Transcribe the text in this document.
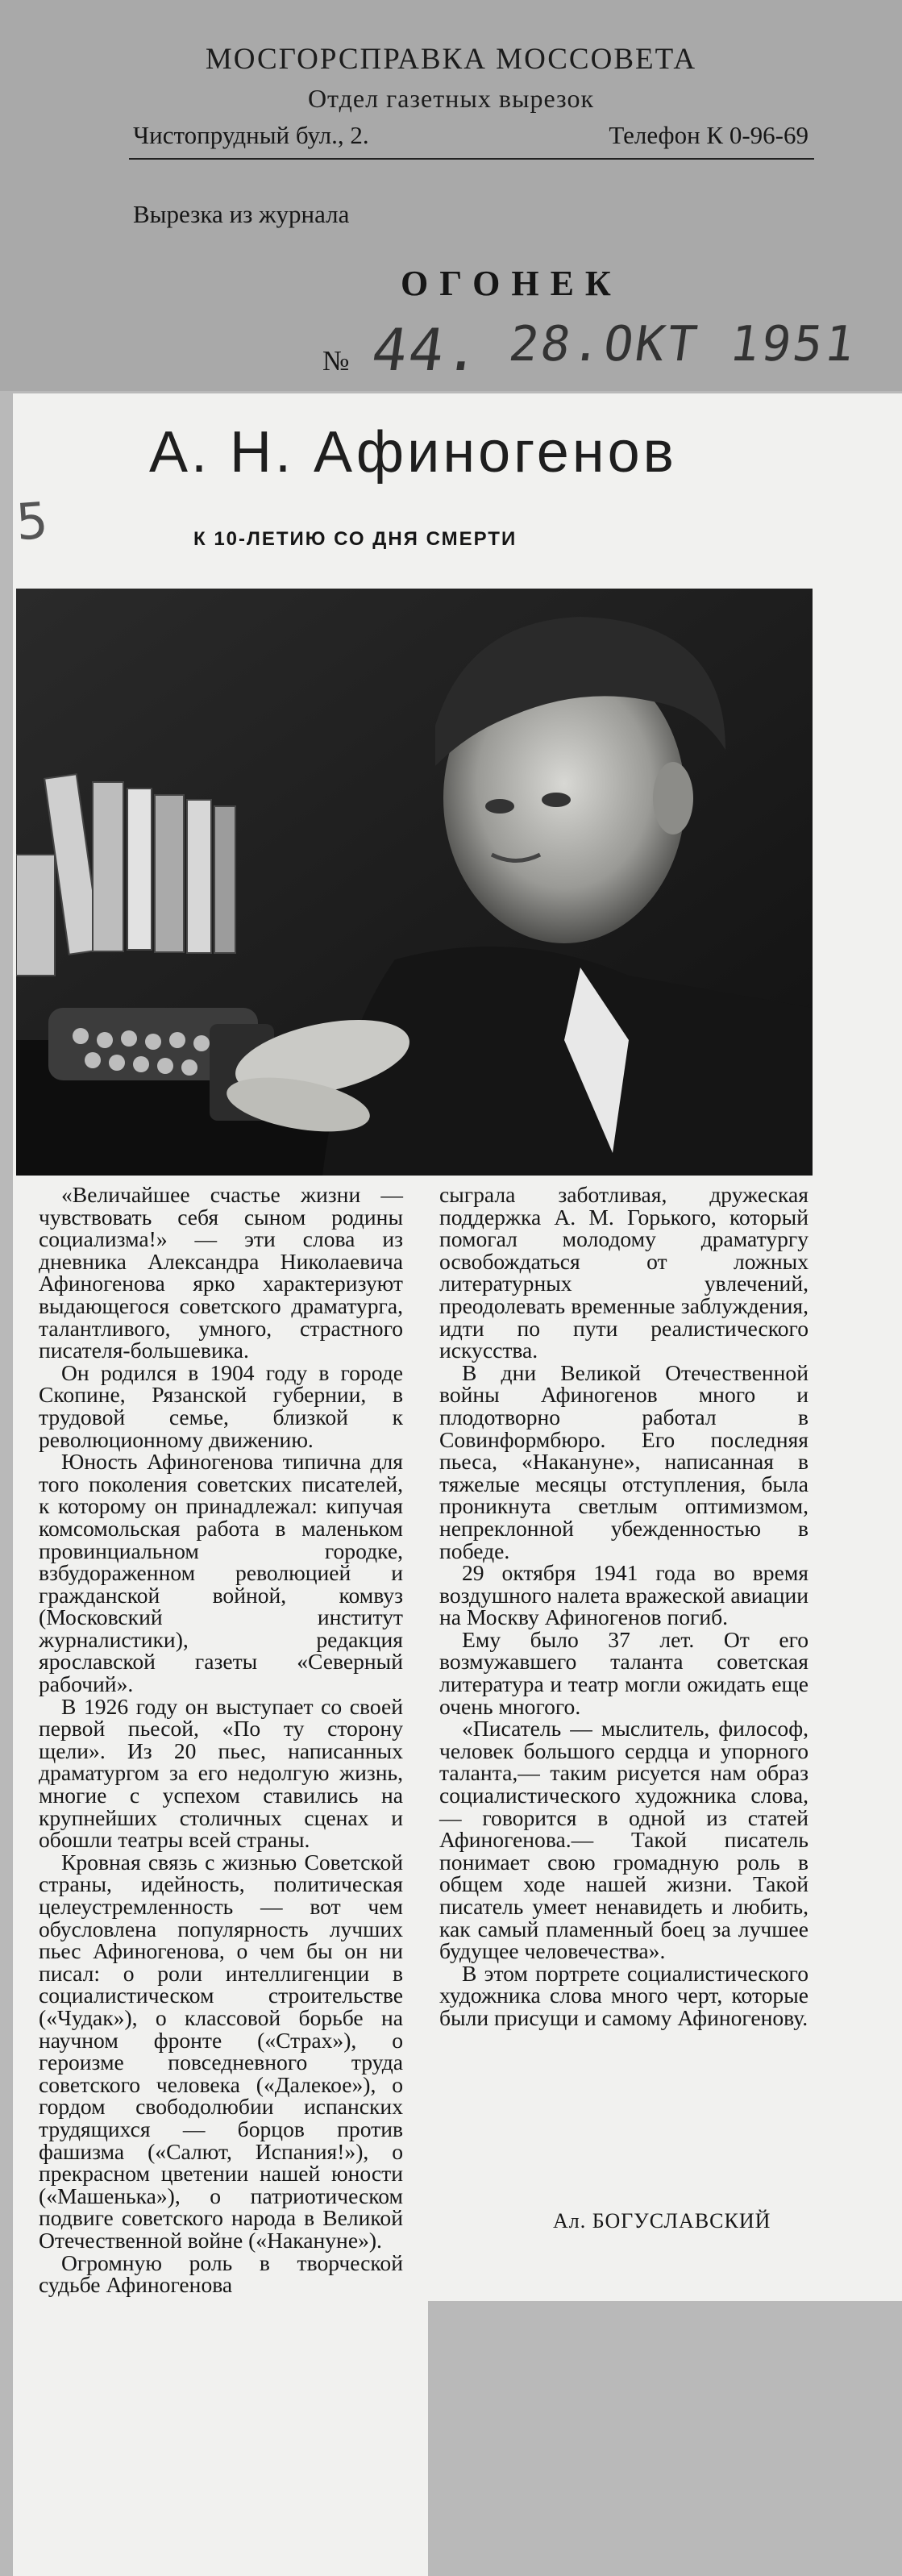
МОСГОРСПРАВКА МОССОВЕТА
Отдел газетных вырезок
Чистопрудный бул., 2.	Телефон К 0-96-69
Вырезка из журнала
ОГОНЕК
№ 44. 28.ОКТ 1951
5
А. Н. Афиногенов
К 10-ЛЕТИЮ СО ДНЯ СМЕРТИ

«Величайшее счастье жизни — чувствовать себя сыном родины социализма!» — эти слова из дневника Александра Николаевича Афиногенова ярко характеризуют выдающегося советского драматурга, талантливого, умного, страстного писателя-большевика.

Он родился в 1904 году в городе Скопине, Рязанской губернии, в трудовой семье, близкой к революционному движению.

Юность Афиногенова типична для того поколения советских писателей, к которому он принадлежал: кипучая комсомольская работа в маленьком провинциальном городке, взбудораженном революцией и гражданской войной, комвуз (Московский институт журналистики), редакция ярославской газеты «Северный рабочий».

В 1926 году он выступает со своей первой пьесой, «По ту сторону щели». Из 20 пьес, написанных драматургом за его недолгую жизнь, многие с успехом ставились на крупнейших столичных сценах и обошли театры всей страны.

Кровная связь с жизнью Советской страны, идейность, политическая целеустремленность — вот чем обусловлена популярность лучших пьес Афиногенова, о чем бы он ни писал: о роли интеллигенции в социалистическом строительстве («Чудак»), о классовой борьбе на научном фронте («Страх»), о героизме повседневного труда советского человека («Далекое»), о гордом свободолюбии испанских трудящихся — борцов против фашизма («Салют, Испания!»), о прекрасном цветении нашей юности («Машенька»), о патриотическом подвиге советского народа в Великой Отечественной войне («Накануне»).

Огромную роль в творческой судьбе Афиногенова

сыграла заботливая, дружеская поддержка А. М. Горького, который помогал молодому драматургу освобождаться от ложных литературных увлечений, преодолевать временные заблуждения, идти по пути реалистического искусства.

В дни Великой Отечественной войны Афиногенов много и плодотворно работал в Совинформбюро. Его последняя пьеса, «Накануне», написанная в тяжелые месяцы отступления, была проникнута светлым оптимизмом, непреклонной убежденностью в победе.

29 октября 1941 года во время воздушного налета вражеской авиации на Москву Афиногенов погиб.

Ему было 37 лет. От его возмужавшего таланта советская литература и театр могли ожидать еще очень многого.

«Писатель — мыслитель, философ, человек большого сердца и упорного таланта,— таким рисуется нам образ социалистического художника слова,— говорится в одной из статей Афиногенова.— Такой писатель понимает свою громадную роль в общем ходе нашей жизни. Такой писатель умеет ненавидеть и любить, как самый пламенный боец за лучшее будущее человечества».

В этом портрете социалистического художника слова много черт, которые были присущи и самому Афиногенову.

Ал. БОГУСЛАВСКИЙ
